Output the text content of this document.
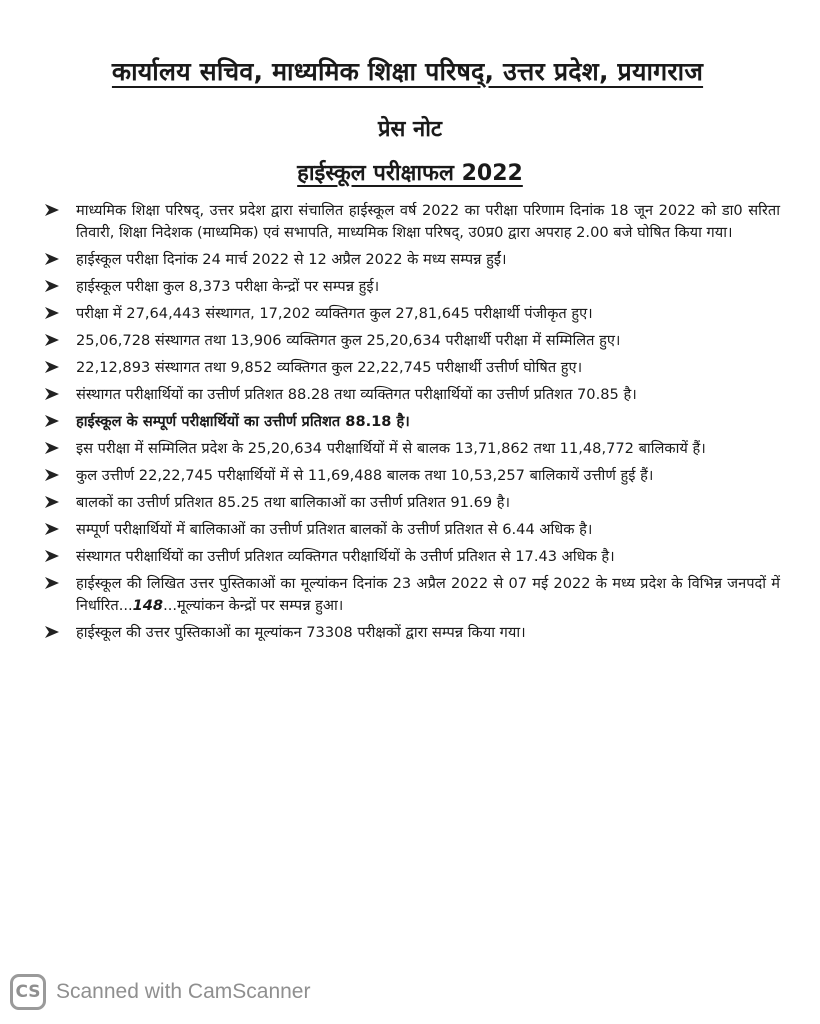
कार्यालय सचिव, माध्यमिक शिक्षा परिषद्, उत्तर प्रदेश, प्रयागराज
प्रेस नोट
हाईस्कूल परीक्षाफल 2022
माध्यमिक शिक्षा परिषद्, उत्तर प्रदेश द्वारा संचालित हाईस्कूल वर्ष 2022 का परीक्षा परिणाम दिनांक 18 जून 2022 को डा0 सरिता तिवारी, शिक्षा निदेशक (माध्यमिक) एवं सभापति, माध्यमिक शिक्षा परिषद्, उ0प्र0 द्वारा अपराह 2.00 बजे घोषित किया गया।
हाईस्कूल परीक्षा दिनांक 24 मार्च 2022 से 12 अप्रैल 2022 के मध्य सम्पन्न हुईं।
हाईस्कूल परीक्षा कुल 8,373 परीक्षा केन्द्रों पर सम्पन्न हुई।
परीक्षा में 27,64,443 संस्थागत, 17,202 व्यक्तिगत कुल 27,81,645 परीक्षार्थी पंजीकृत हुए।
25,06,728 संस्थागत तथा 13,906 व्यक्तिगत कुल 25,20,634 परीक्षार्थी परीक्षा में सम्मिलित हुए।
22,12,893 संस्थागत तथा 9,852 व्यक्तिगत कुल 22,22,745 परीक्षार्थी उत्तीर्ण घोषित हुए।
संस्थागत परीक्षार्थियों का उत्तीर्ण प्रतिशत 88.28 तथा व्यक्तिगत परीक्षार्थियों का उत्तीर्ण प्रतिशत 70.85 है।
हाईस्कूल के सम्पूर्ण परीक्षार्थियों का उत्तीर्ण प्रतिशत 88.18 है।
इस परीक्षा में सम्मिलित प्रदेश के 25,20,634 परीक्षार्थियों में से बालक 13,71,862 तथा 11,48,772 बालिकायें हैं।
कुल उत्तीर्ण 22,22,745 परीक्षार्थियों में से 11,69,488 बालक तथा 10,53,257 बालिकायें उत्तीर्ण हुई हैं।
बालकों का उत्तीर्ण प्रतिशत 85.25 तथा बालिकाओं का उत्तीर्ण प्रतिशत 91.69 है।
सम्पूर्ण परीक्षार्थियों में बालिकाओं का उत्तीर्ण प्रतिशत बालकों के उत्तीर्ण प्रतिशत से 6.44 अधिक है।
संस्थागत परीक्षार्थियों का उत्तीर्ण प्रतिशत व्यक्तिगत परीक्षार्थियों के उत्तीर्ण प्रतिशत से 17.43 अधिक है।
हाईस्कूल की लिखित उत्तर पुस्तिकाओं का मूल्यांकन दिनांक 23 अप्रैल 2022 से 07 मई 2022 के मध्य प्रदेश के विभिन्न जनपदों में निर्धारित...148...मूल्यांकन केन्द्रों पर सम्पन्न हुआ।
हाईस्कूल की उत्तर पुस्तिकाओं का मूल्यांकन 73308 परीक्षकों द्वारा सम्पन्न किया गया।
CS Scanned with CamScanner
